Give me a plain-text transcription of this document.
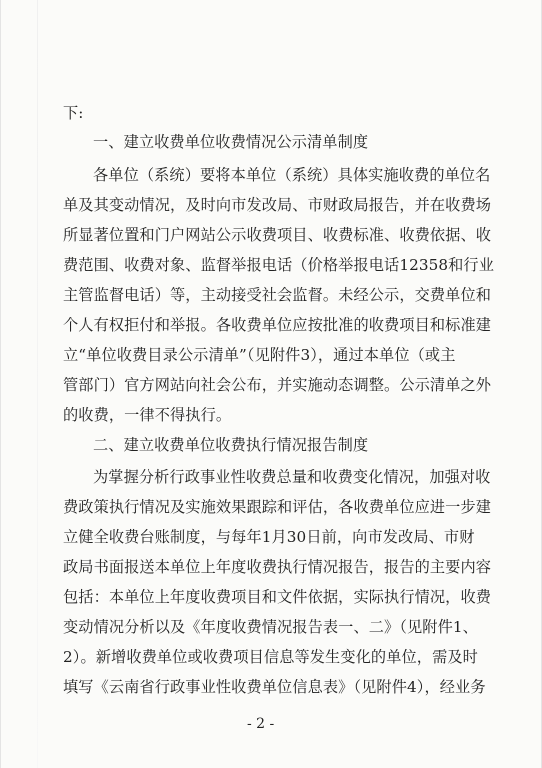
下:
一、建立收费单位收费情况公示清单制度
各单位（系统）要将本单位（系统）具体实施收费的单位名
单及其变动情况，及时向市发改局、市财政局报告，并在收费场
所显著位置和门户网站公示收费项目、收费标准、收费依据、收
费范围、收费对象、监督举报电话（价格举报电话12358和行业
主管监督电话）等，主动接受社会监督。未经公示，交费单位和
个人有权拒付和举报。各收费单位应按批准的收费项目和标准建
立“单位收费目录公示清单”（见附件3），通过本单位（或主
管部门）官方网站向社会公布，并实施动态调整。公示清单之外
的收费，一律不得执行。
二、建立收费单位收费执行情况报告制度
为掌握分析行政事业性收费总量和收费变化情况，加强对收
费政策执行情况及实施效果跟踪和评估，各收费单位应进一步建
立健全收费台账制度，与每年1月30日前，向市发改局、市财
政局书面报送本单位上年度收费执行情况报告，报告的主要内容
包括：本单位上年度收费项目和文件依据，实际执行情况，收费
变动情况分析以及《年度收费情况报告表一、二》（见附件1、
2）。新增收费单位或收费项目信息等发生变化的单位，需及时
填写《云南省行政事业性收费单位信息表》（见附件4），经业务
- 2 -
